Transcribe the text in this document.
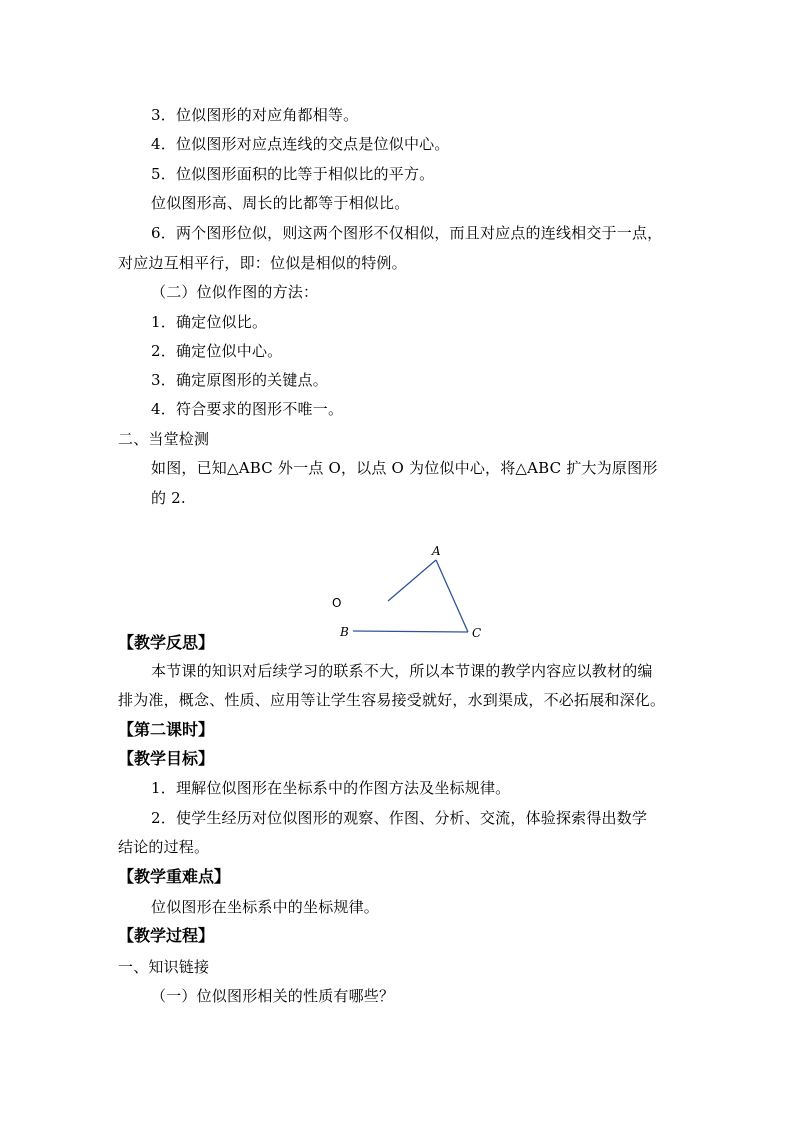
3．位似图形的对应角都相等。
4．位似图形对应点连线的交点是位似中心。
5．位似图形面积的比等于相似比的平方。
位似图形高、周长的比都等于相似比。
6．两个图形位似，则这两个图形不仅相似，而且对应点的连线相交于一点，
对应边互相平行，即：位似是相似的特例。
（二）位似作图的方法：
1．确定位似比。
2．确定位似中心。
3．确定原图形的关键点。
4．符合要求的图形不唯一。
二、当堂检测
如图，已知△ABC 外一点 O，以点 O 为位似中心，将△ABC 扩大为原图形
的 2.
A
B	C
O
【教学反思】
本节课的知识对后续学习的联系不大，所以本节课的教学内容应以教材的编
排为准，概念、性质、应用等让学生容易接受就好，水到渠成，不必拓展和深化。
【第二课时】
【教学目标】
1．理解位似图形在坐标系中的作图方法及坐标规律。
2．使学生经历对位似图形的观察、作图、分析、交流，体验探索得出数学
结论的过程。
【教学重难点】
位似图形在坐标系中的坐标规律。
【教学过程】
一、知识链接
（一）位似图形相关的性质有哪些？
